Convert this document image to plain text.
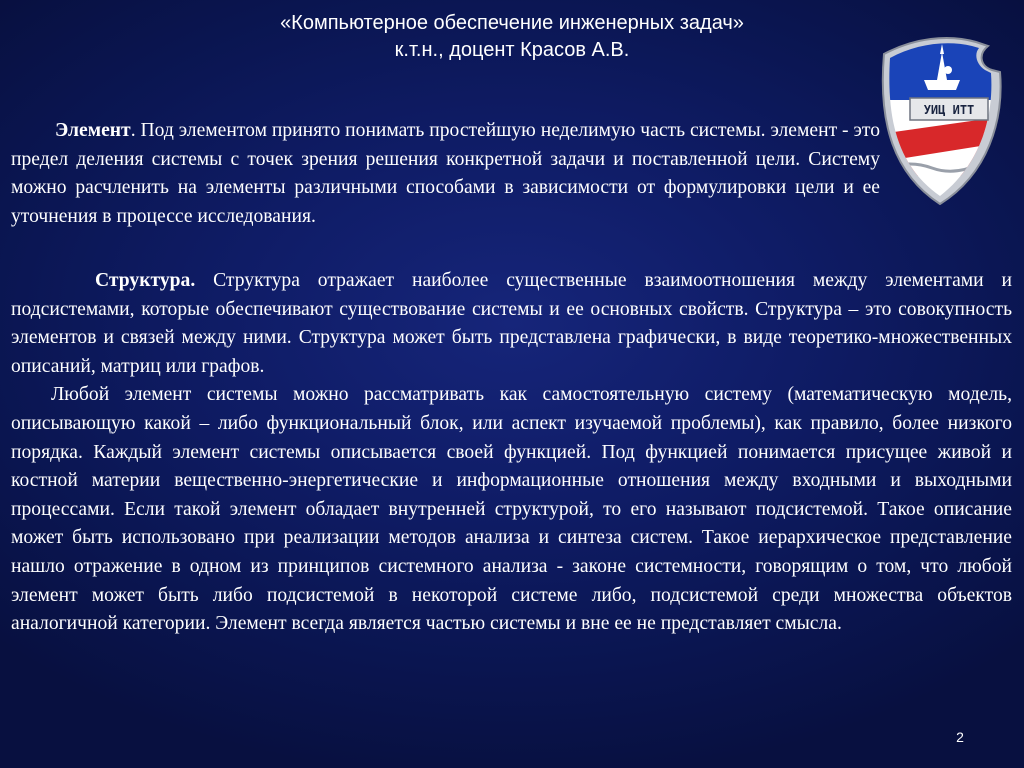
«Компьютерное обеспечение инженерных задач»
к.т.н., доцент Красов А.В.
УИЦ ИТТ

Элемент. Под элементом принято понимать простейшую неделимую часть системы. элемент - это предел деления системы с точек зрения решения конкретной задачи и поставленной цели. Систему можно расчленить на элементы различными способами в зависимости от формулировки цели и ее уточнения в процессе исследования.

Структура. Структура отражает наиболее существенные взаимоотношения между элементами и подсистемами, которые обеспечивают существование системы и ее основных свойств. Структура – это совокупность элементов и связей между ними. Структура может быть представлена графически, в виде теоретико-множественных описаний, матриц или графов.

Любой элемент системы можно рассматривать как самостоятельную систему (математическую модель, описывающую какой – либо функциональный блок, или аспект изучаемой проблемы), как правило, более низкого порядка. Каждый элемент системы описывается своей функцией. Под функцией понимается присущее живой и костной материи вещественно-энергетические и информационные отношения между входными и выходными процессами. Если такой элемент обладает внутренней структурой, то его называют подсистемой. Такое описание может быть использовано при реализации методов анализа и синтеза систем. Такое иерархическое представление нашло отражение в одном из принципов системного анализа - законе системности, говорящим о том, что любой элемент может быть либо подсистемой в некоторой системе либо, подсистемой среди множества объектов аналогичной категории. Элемент всегда является частью системы и вне ее не представляет смысла.

2
